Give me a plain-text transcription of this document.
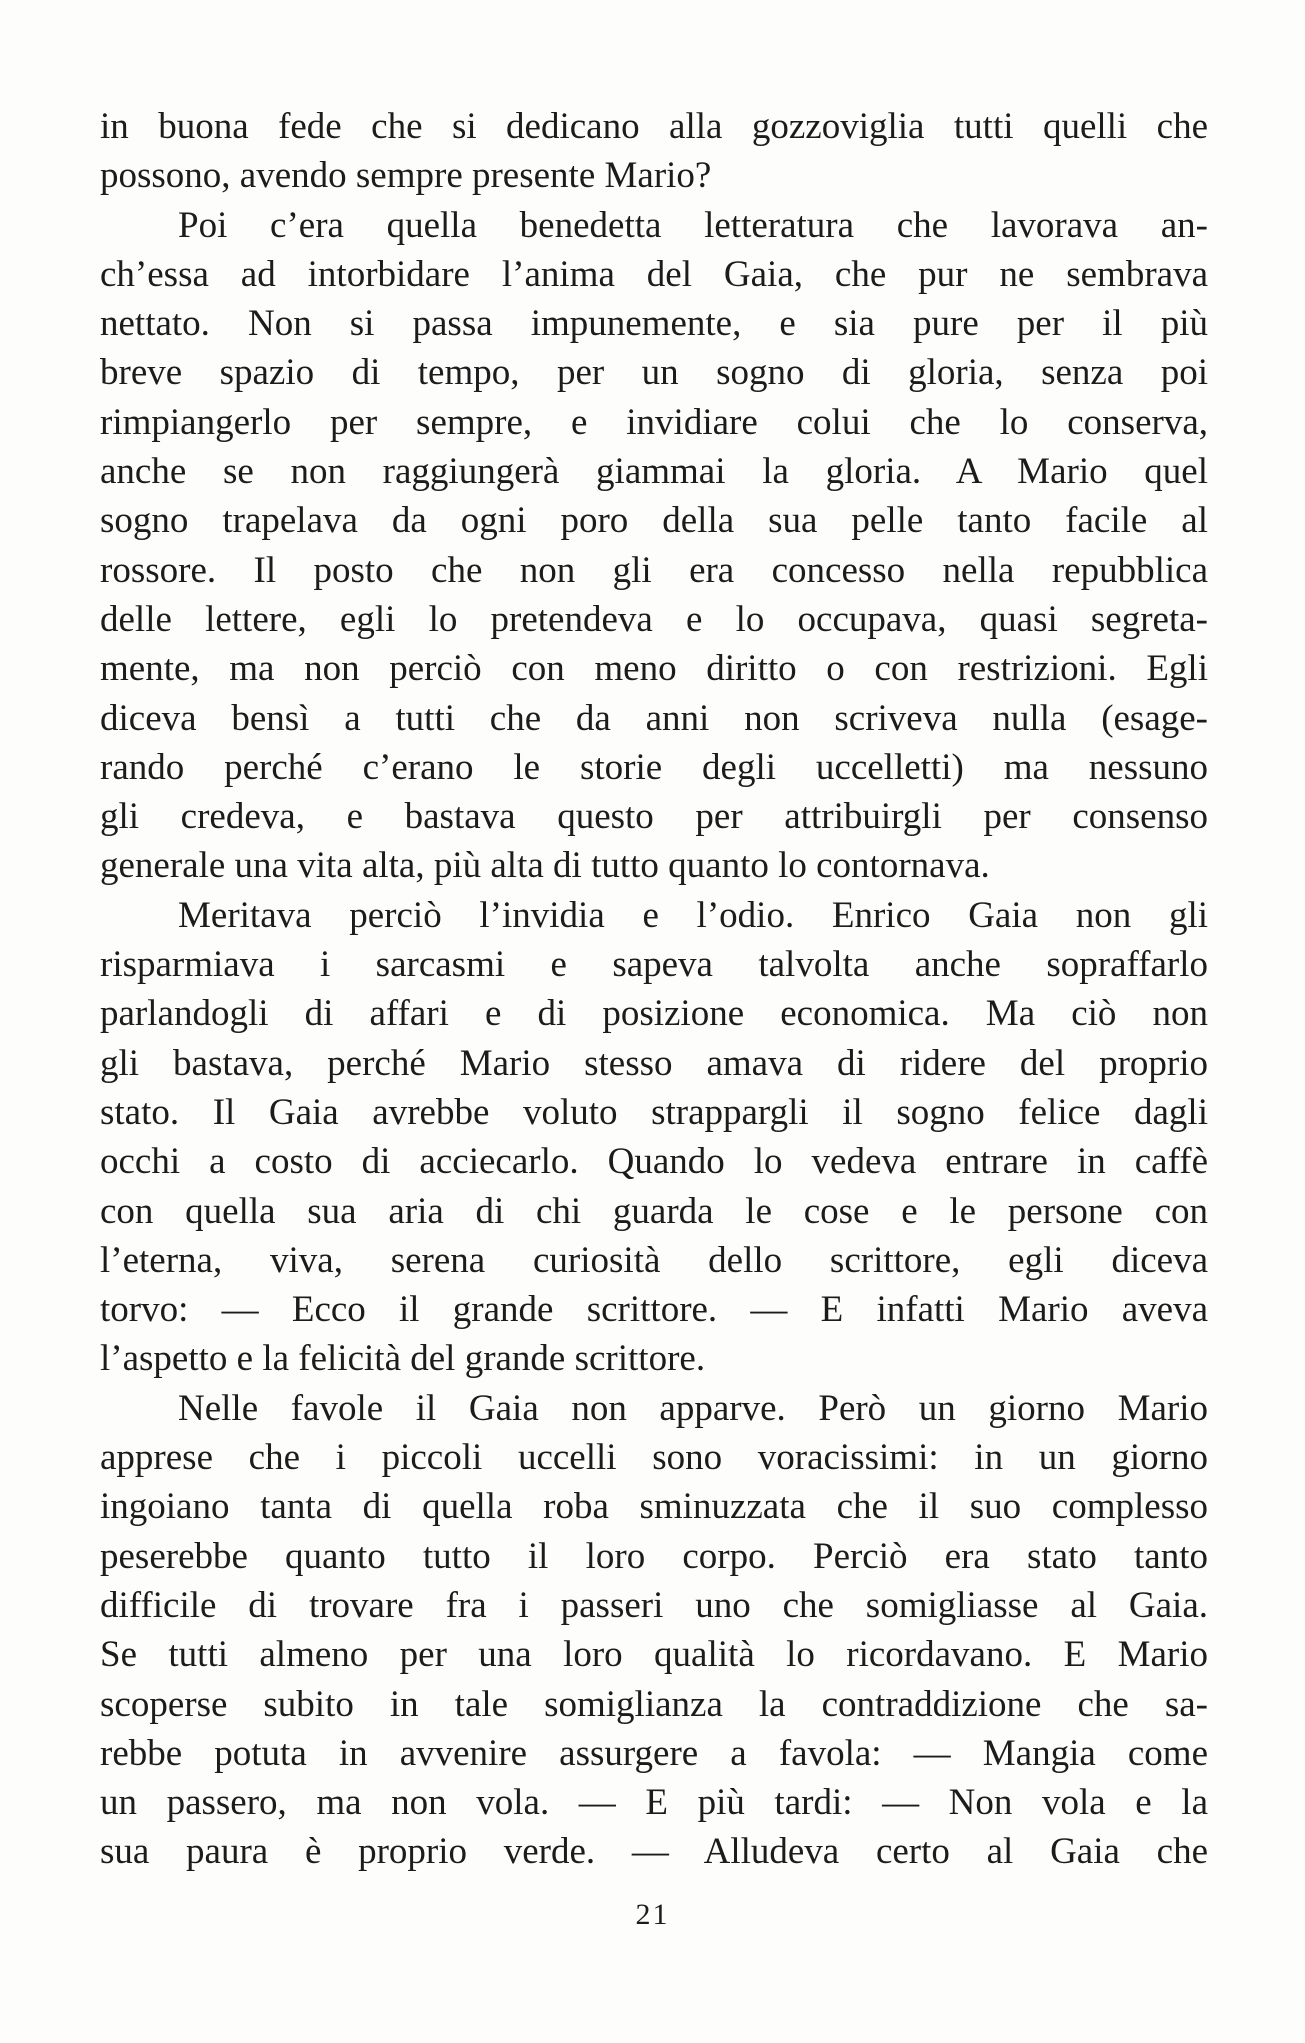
in buona fede che si dedicano alla gozzoviglia tutti quelli che
possono, avendo sempre presente Mario?
Poi c’era quella benedetta letteratura che lavorava an-
ch’essa ad intorbidare l’anima del Gaia, che pur ne sembrava
nettato. Non si passa impunemente, e sia pure per il più
breve spazio di tempo, per un sogno di gloria, senza poi
rimpiangerlo per sempre, e invidiare colui che lo conserva,
anche se non raggiungerà giammai la gloria. A Mario quel
sogno trapelava da ogni poro della sua pelle tanto facile al
rossore. Il posto che non gli era concesso nella repubblica
delle lettere, egli lo pretendeva e lo occupava, quasi segreta-
mente, ma non perciò con meno diritto o con restrizioni. Egli
diceva bensì a tutti che da anni non scriveva nulla (esage-
rando perché c’erano le storie degli uccelletti) ma nessuno
gli credeva, e bastava questo per attribuirgli per consenso
generale una vita alta, più alta di tutto quanto lo contornava.
Meritava perciò l’invidia e l’odio. Enrico Gaia non gli
risparmiava i sarcasmi e sapeva talvolta anche sopraffarlo
parlandogli di affari e di posizione economica. Ma ciò non
gli bastava, perché Mario stesso amava di ridere del proprio
stato. Il Gaia avrebbe voluto strappargli il sogno felice dagli
occhi a costo di acciecarlo. Quando lo vedeva entrare in caffè
con quella sua aria di chi guarda le cose e le persone con
l’eterna, viva, serena curiosità dello scrittore, egli diceva
torvo: — Ecco il grande scrittore. — E infatti Mario aveva
l’aspetto e la felicità del grande scrittore.
Nelle favole il Gaia non apparve. Però un giorno Mario
apprese che i piccoli uccelli sono voracissimi: in un giorno
ingoiano tanta di quella roba sminuzzata che il suo complesso
peserebbe quanto tutto il loro corpo. Perciò era stato tanto
difficile di trovare fra i passeri uno che somigliasse al Gaia.
Se tutti almeno per una loro qualità lo ricordavano. E Mario
scoperse subito in tale somiglianza la contraddizione che sa-
rebbe potuta in avvenire assurgere a favola: — Mangia come
un passero, ma non vola. — E più tardi: — Non vola e la
sua paura è proprio verde. — Alludeva certo al Gaia che
21
